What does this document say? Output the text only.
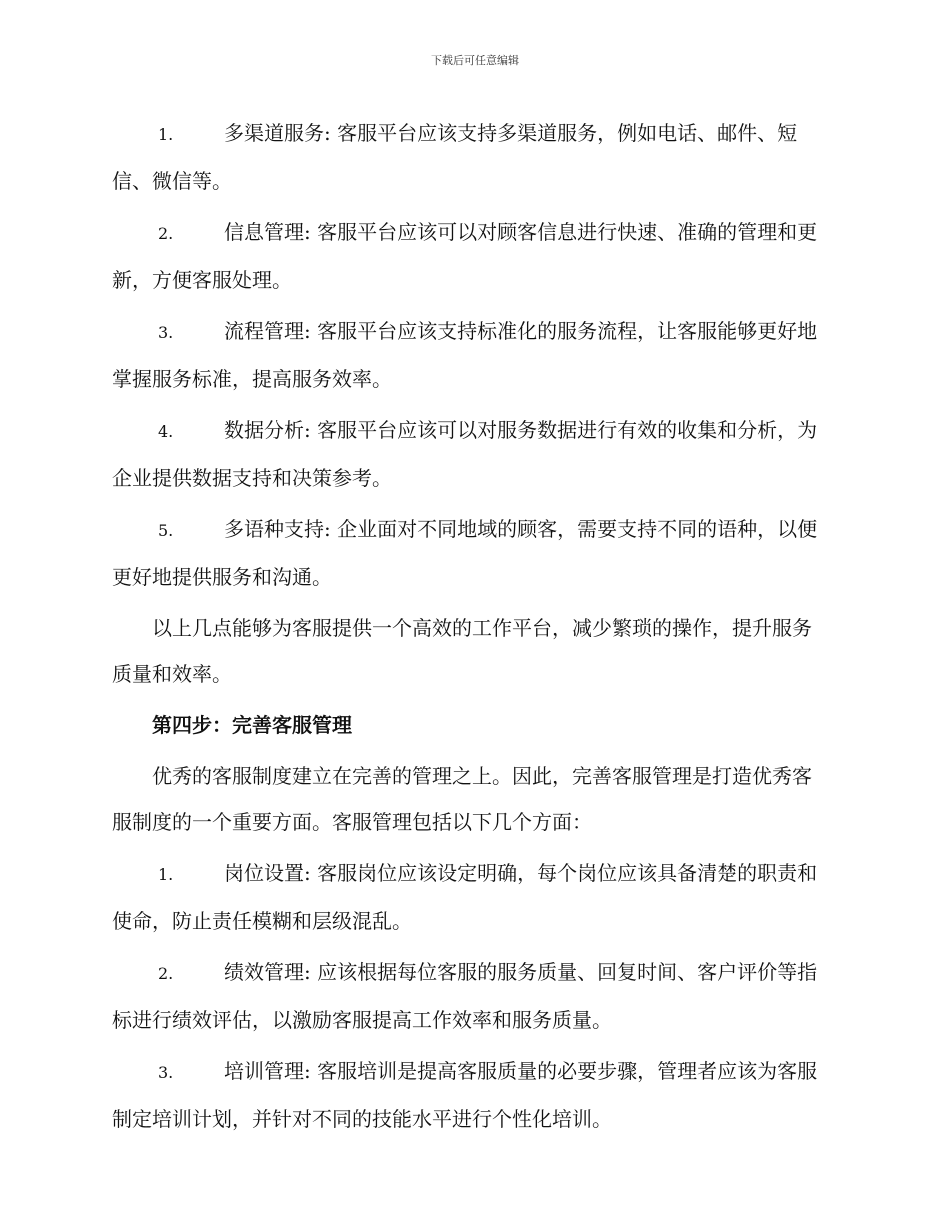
下载后可任意编辑
1.	多渠道服务: 客服平台应该支持多渠道服务，例如电话、邮件、短信、微信等。
2.	信息管理: 客服平台应该可以对顾客信息进行快速、准确的管理和更新，方便客服处理。
3.	流程管理: 客服平台应该支持标准化的服务流程，让客服能够更好地掌握服务标准，提高服务效率。
4.	数据分析: 客服平台应该可以对服务数据进行有效的收集和分析，为企业提供数据支持和决策参考。
5.	多语种支持: 企业面对不同地域的顾客，需要支持不同的语种，以便更好地提供服务和沟通。

以上几点能够为客服提供一个高效的工作平台，减少繁琐的操作，提升服务质量和效率。

第四步：完善客服管理

优秀的客服制度建立在完善的管理之上。因此，完善客服管理是打造优秀客服制度的一个重要方面。客服管理包括以下几个方面：

1.	岗位设置: 客服岗位应该设定明确，每个岗位应该具备清楚的职责和使命，防止责任模糊和层级混乱。
2.	绩效管理: 应该根据每位客服的服务质量、回复时间、客户评价等指标进行绩效评估，以激励客服提高工作效率和服务质量。
3.	培训管理: 客服培训是提高客服质量的必要步骤，管理者应该为客服制定培训计划，并针对不同的技能水平进行个性化培训。
